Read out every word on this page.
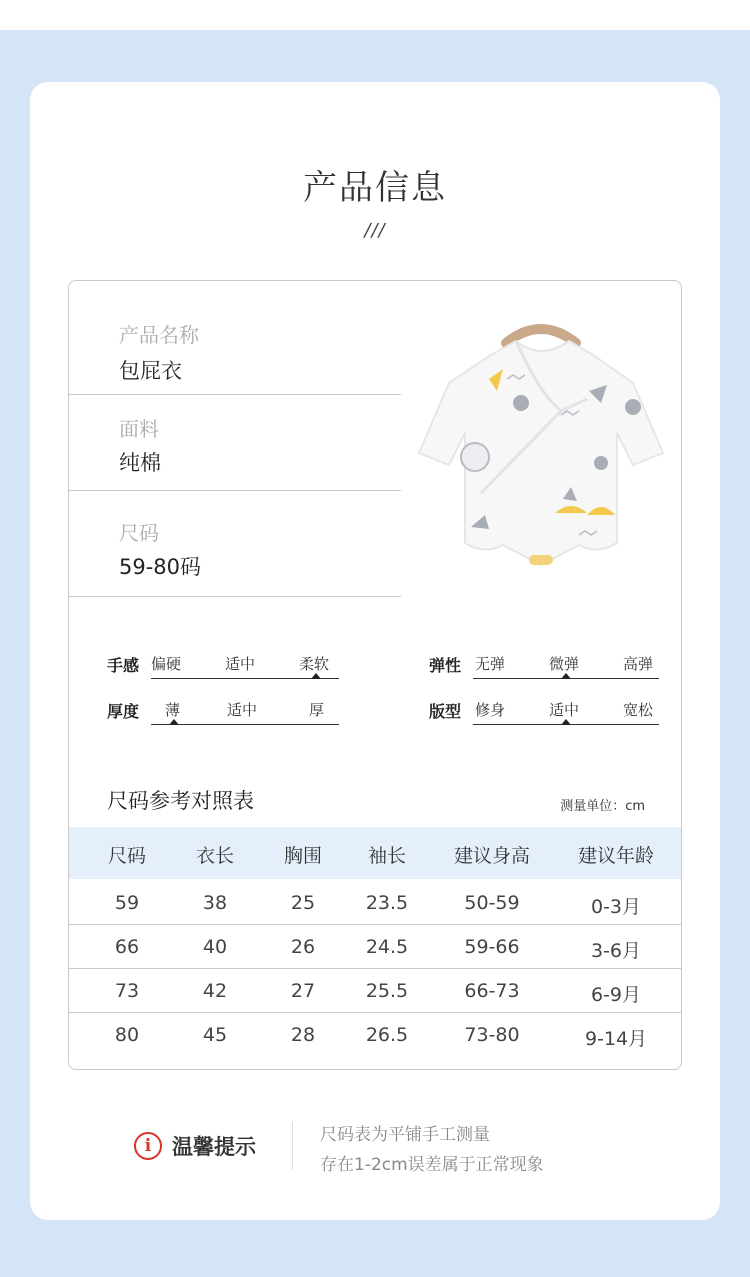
产品信息
///
产品名称
包屁衣
面料
纯棉
尺码
59-80码
手感 偏硬	适中	柔软	弹性 无弹	微弹	高弹
厚度 薄	适中	厚	版型 修身	适中	宽松
尺码参考对照表	测量单位：cm
尺码	衣长	胸围	袖长	建议身高	建议年龄
59	38	25	23.5	50-59	0-3月
66	40	26	24.5	59-66	3-6月
73	42	27	25.5	66-73	6-9月
80	45	28	26.5	73-80	9-14月
i 温馨提示	尺码表为平铺手工测量
存在1-2cm误差属于正常现象
